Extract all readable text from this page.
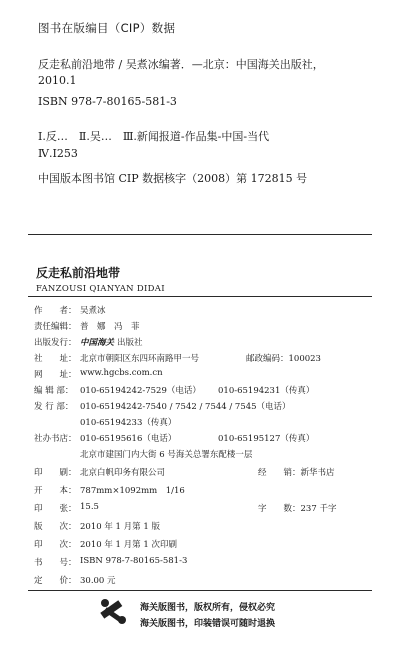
图书在版编目（CIP）数据
反走私前沿地带 / 吴煮冰编著．—北京：中国海关出版社，
2010.1
ISBN 978-7-80165-581-3
Ⅰ.反…　Ⅱ.吴…　Ⅲ.新闻报道-作品集-中国-当代
Ⅳ.I253
中国版本图书馆 CIP 数据核字（2008）第 172815 号
反走私前沿地带
FANZOUSI QIANYAN DIDAI
作　　者： 吴煮冰
责任编辑： 普　娜　冯　菲
出版发行： 中国海关 出版社
社　　址： 北京市朝阳区东四环南路甲一号	邮政编码：100023
网　　址： www.hgcbs.com.cn
编 辑 部： 010-65194242-7529（电话） 010-65194231（传真）
发 行 部： 010-65194242-7540 / 7542 / 7544 / 7545（电话）
010-65194233（传真）
社办书店： 010-65195616（电话）	010-65195127（传真）
北京市建国门内大街 6 号海关总署东配楼一层
印　　刷： 北京白帆印务有限公司	经　　销：新华书店
开　　本： 787mm×1092mm　1/16
印　　张： 15.5	字　　数：237 千字
版　　次： 2010 年 1 月第 1 版
印　　次： 2010 年 1 月第 1 次印刷
书　　号： ISBN 978-7-80165-581-3
定　　价： 30.00 元
海关版图书，版权所有，侵权必究
海关版图书，印装错误可随时退换
